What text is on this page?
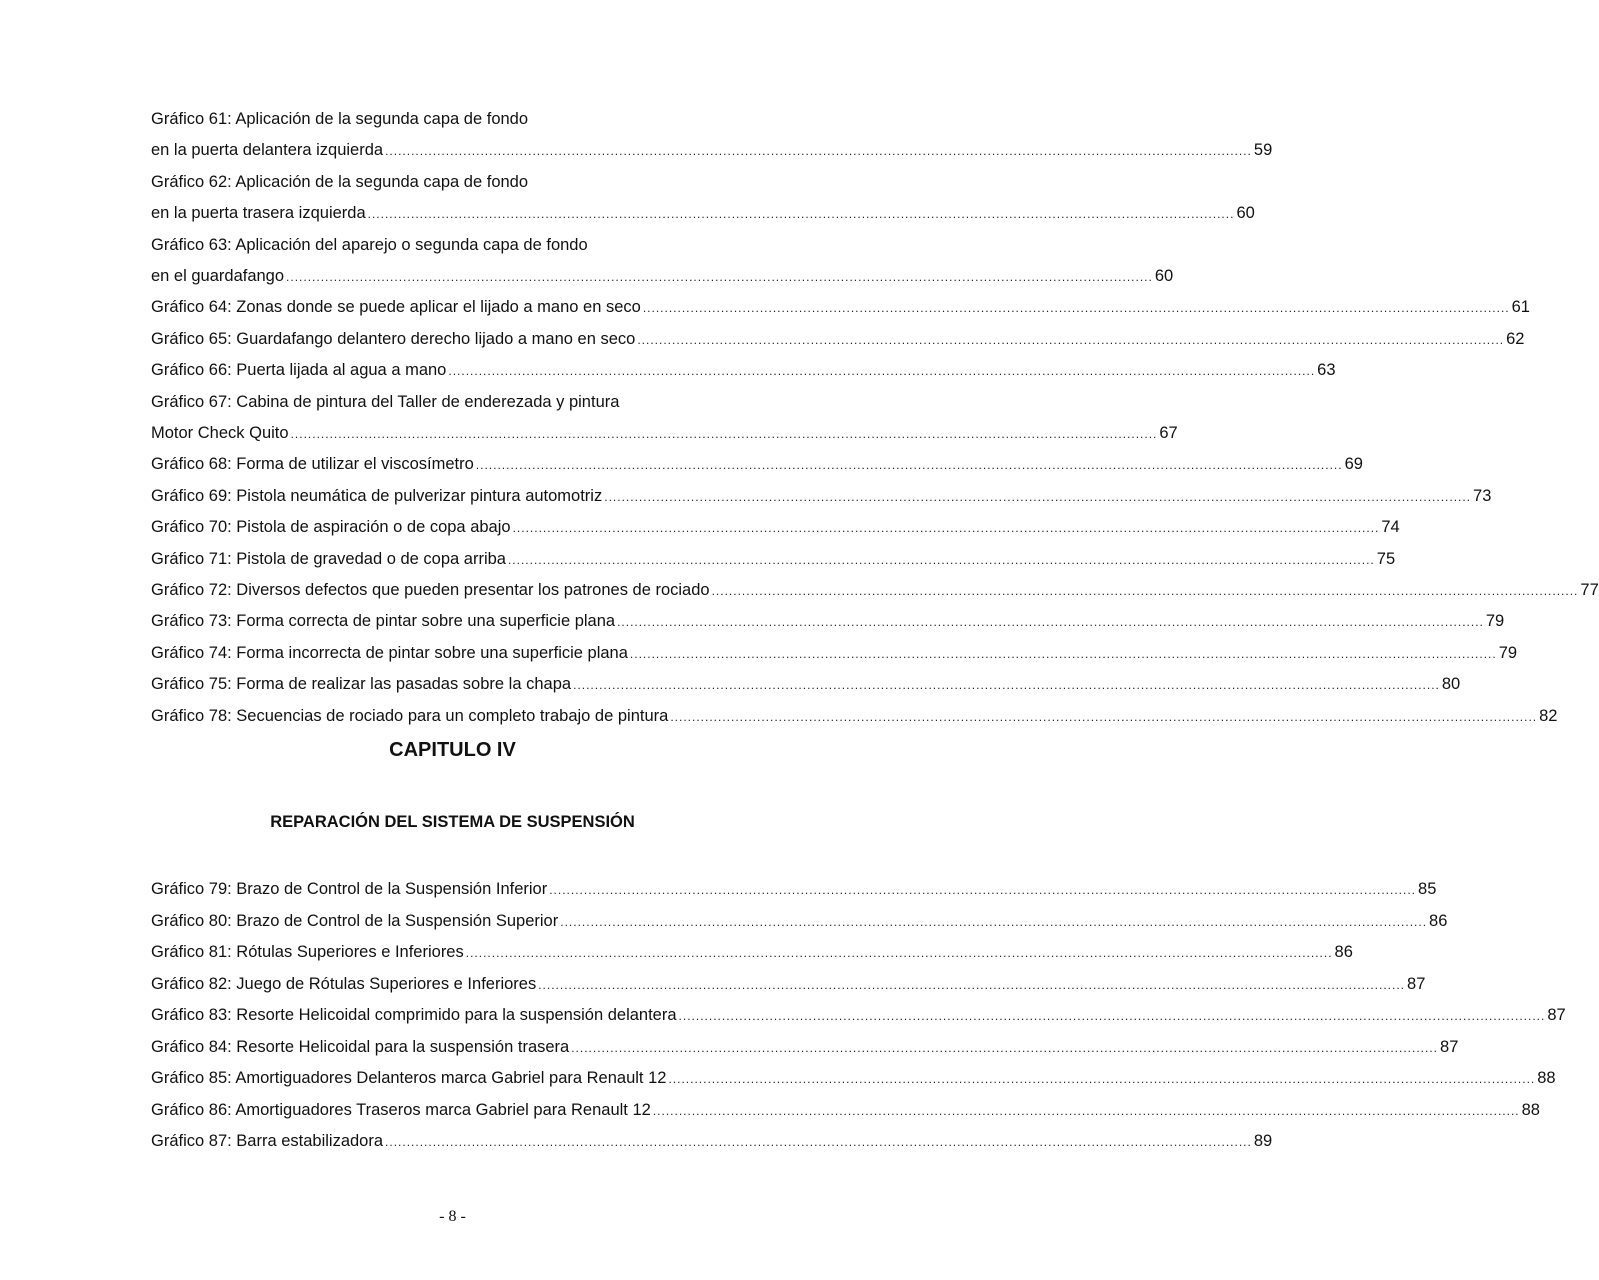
Gráfico 61: Aplicación de la segunda capa de fondo
en la puerta delantera izquierda ........................................................................................................................................................................................................ 59
Gráfico 62: Aplicación de la segunda capa de fondo
en la puerta trasera izquierda ........................................................................................................................................................................................................ 60
Gráfico 63: Aplicación del aparejo o segunda capa de fondo
en el guardafango ........................................................................................................................................................................................................ 60
Gráfico 64: Zonas donde se puede aplicar el lijado a mano en seco ........................................................................................................................................................................................................ 61
Gráfico 65: Guardafango delantero derecho lijado a mano en seco ........................................................................................................................................................................................................ 62
Gráfico 66: Puerta lijada al agua a mano ........................................................................................................................................................................................................ 63
Gráfico 67: Cabina de pintura del Taller de enderezada y pintura
Motor Check Quito ........................................................................................................................................................................................................ 67
Gráfico 68: Forma de utilizar el viscosímetro ........................................................................................................................................................................................................ 69
Gráfico 69: Pistola neumática de pulverizar pintura automotriz ........................................................................................................................................................................................................ 73
Gráfico 70: Pistola de aspiración o de copa abajo ........................................................................................................................................................................................................ 74
Gráfico 71: Pistola de gravedad o de copa arriba ........................................................................................................................................................................................................ 75
Gráfico 72: Diversos defectos que pueden presentar los patrones de rociado ........................................................................................................................................................................................................ 77
Gráfico 73: Forma correcta de pintar sobre una superficie plana ........................................................................................................................................................................................................ 79
Gráfico 74: Forma incorrecta de pintar sobre una superficie plana ........................................................................................................................................................................................................ 79
Gráfico 75: Forma de realizar las pasadas sobre la chapa ........................................................................................................................................................................................................ 80
Gráfico 78: Secuencias de rociado para un completo trabajo de pintura ........................................................................................................................................................................................................ 82
CAPITULO IV
REPARACIÓN DEL SISTEMA DE SUSPENSIÓN
Gráfico 79: Brazo de Control de la Suspensión Inferior ........................................................................................................................................................................................................ 85
Gráfico 80: Brazo de Control de la Suspensión Superior ........................................................................................................................................................................................................ 86
Gráfico 81: Rótulas Superiores e Inferiores ........................................................................................................................................................................................................ 86
Gráfico 82: Juego de Rótulas Superiores e Inferiores ........................................................................................................................................................................................................ 87
Gráfico 83: Resorte Helicoidal comprimido para la suspensión delantera ........................................................................................................................................................................................................ 87
Gráfico 84: Resorte Helicoidal para la suspensión trasera ........................................................................................................................................................................................................ 87
Gráfico 85: Amortiguadores Delanteros marca Gabriel para Renault 12 ........................................................................................................................................................................................................ 88
Gráfico 86: Amortiguadores Traseros marca Gabriel para Renault 12 ........................................................................................................................................................................................................ 88
Gráfico 87: Barra estabilizadora ........................................................................................................................................................................................................ 89
- 8 -
